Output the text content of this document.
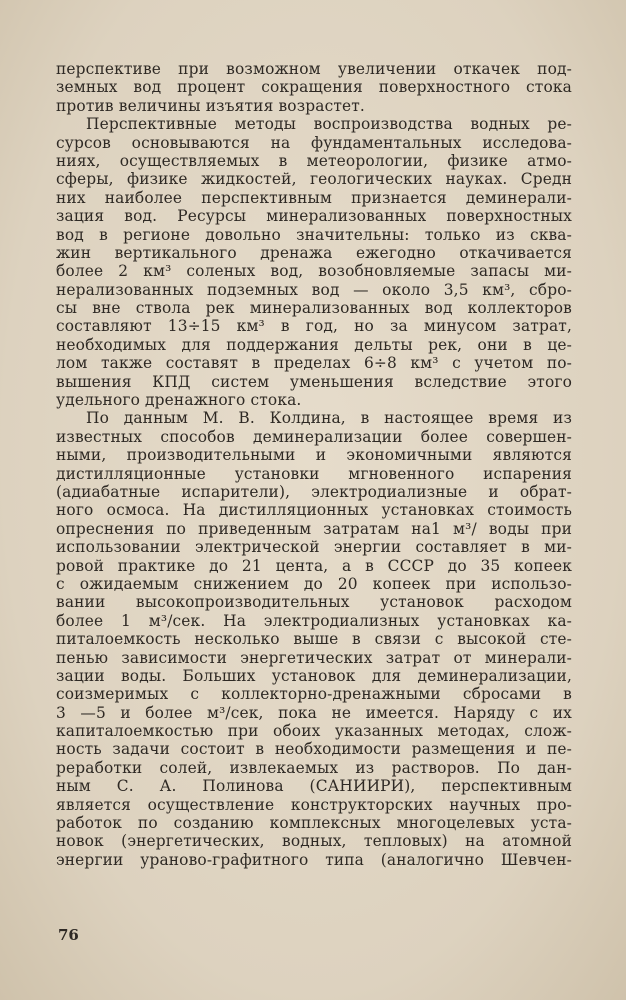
перспективе при возможном увеличении откачек под-
земных вод процент сокращения поверхностного стока
против величины изъятия возрастет.
Перспективные методы воспроизводства водных ре-
сурсов основываются на фундаментальных исследова-
ниях, осуществляемых в метеорологии, физике атмо-
сферы, физике жидкостей, геологических науках. Средн
них наиболее перспективным признается деминерали-
зация вод. Ресурсы минерализованных поверхностных
вод в регионе довольно значительны: только из сква-
жин вертикального дренажа ежегодно откачивается
более 2 км³ соленых вод, возобновляемые запасы ми-
нерализованных подземных вод — около 3,5 км³, сбро-
сы вне ствола рек минерализованных вод коллекторов
составляют 13÷15 км³ в год, но за минусом затрат,
необходимых для поддержания дельты рек, они в це-
лом также составят в пределах 6÷8 км³ с учетом по-
вышения КПД систем уменьшения вследствие этого
удельного дренажного стока.
По данным М. В. Колдина, в настоящее время из
известных способов деминерализации более совершен-
ными, производительными и экономичными являются
дистилляционные установки мгновенного испарения
(адиабатные испарители), электродиализные и обрат-
ного осмоса. На дистилляционных установках стоимость
опреснения по приведенным затратам на1 м³/ воды при
использовании электрической энергии составляет в ми-
ровой практике до 21 цента, а в СССР до 35 копеек
с ожидаемым снижением до 20 копеек при использо-
вании высокопроизводительных установок расходом
более 1 м³/сек. На электродиализных установках ка-
питалоемкость несколько выше в связи с высокой сте-
пенью зависимости энергетических затрат от минерали-
зации воды. Больших установок для деминерализации,
соизмеримых с коллекторно-дренажными сбросами в
3 —5 и более м³/сек, пока не имеется. Наряду с их
капиталоемкостью при обоих указанных методах, слож-
ность задачи состоит в необходимости размещения и пе-
реработки солей, извлекаемых из растворов. По дан-
ным С. А. Полинова (САНИИРИ), перспективным
является осуществление конструкторских научных про-
работок по созданию комплексных многоцелевых уста-
новок (энергетических, водных, тепловых) на атомной
энергии ураново-графитного типа (аналогично Шевчен-
76
